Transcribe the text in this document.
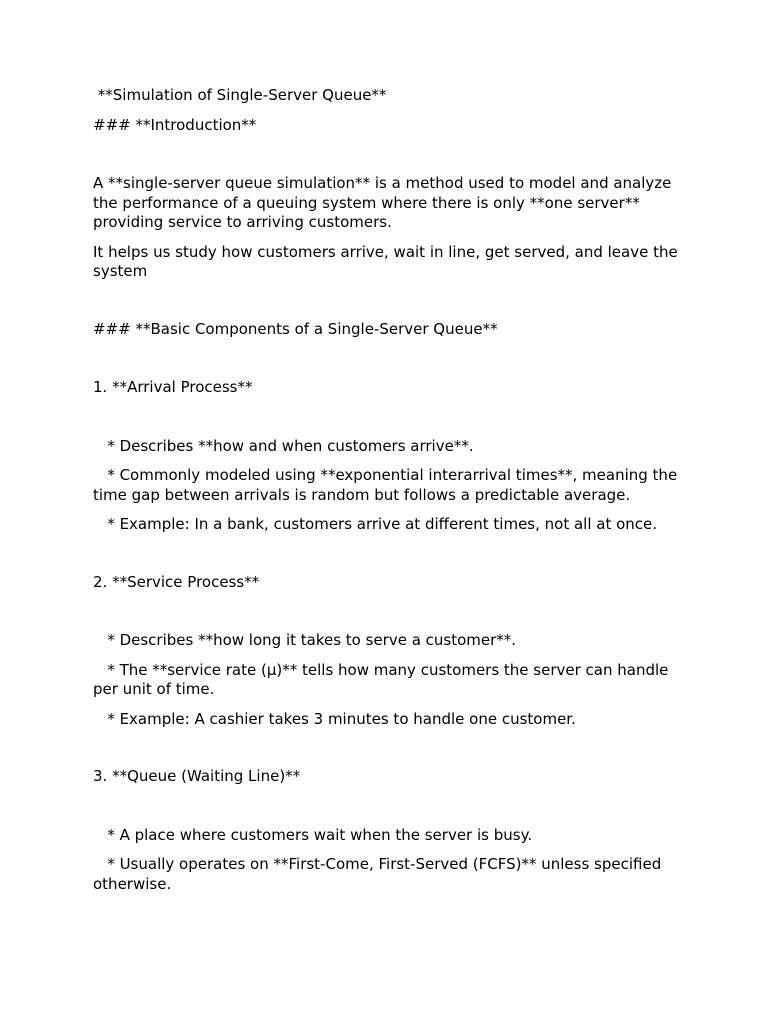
**Simulation of Single-Server Queue**

### **Introduction**

A **single-server queue simulation** is a method used to model and analyze the performance of a queuing system where there is only **one server** providing service to arriving customers.

It helps us study how customers arrive, wait in line, get served, and leave the system

### **Basic Components of a Single-Server Queue**

1. **Arrival Process**

* Describes **how and when customers arrive**.

* Commonly modeled using **exponential interarrival times**, meaning the time gap between arrivals is random but follows a predictable average.

* Example: In a bank, customers arrive at different times, not all at once.

2. **Service Process**

* Describes **how long it takes to serve a customer**.

* The **service rate (μ)** tells how many customers the server can handle per unit of time.

* Example: A cashier takes 3 minutes to handle one customer.

3. **Queue (Waiting Line)**

* A place where customers wait when the server is busy.

* Usually operates on **First-Come, First-Served (FCFS)** unless specified otherwise.
